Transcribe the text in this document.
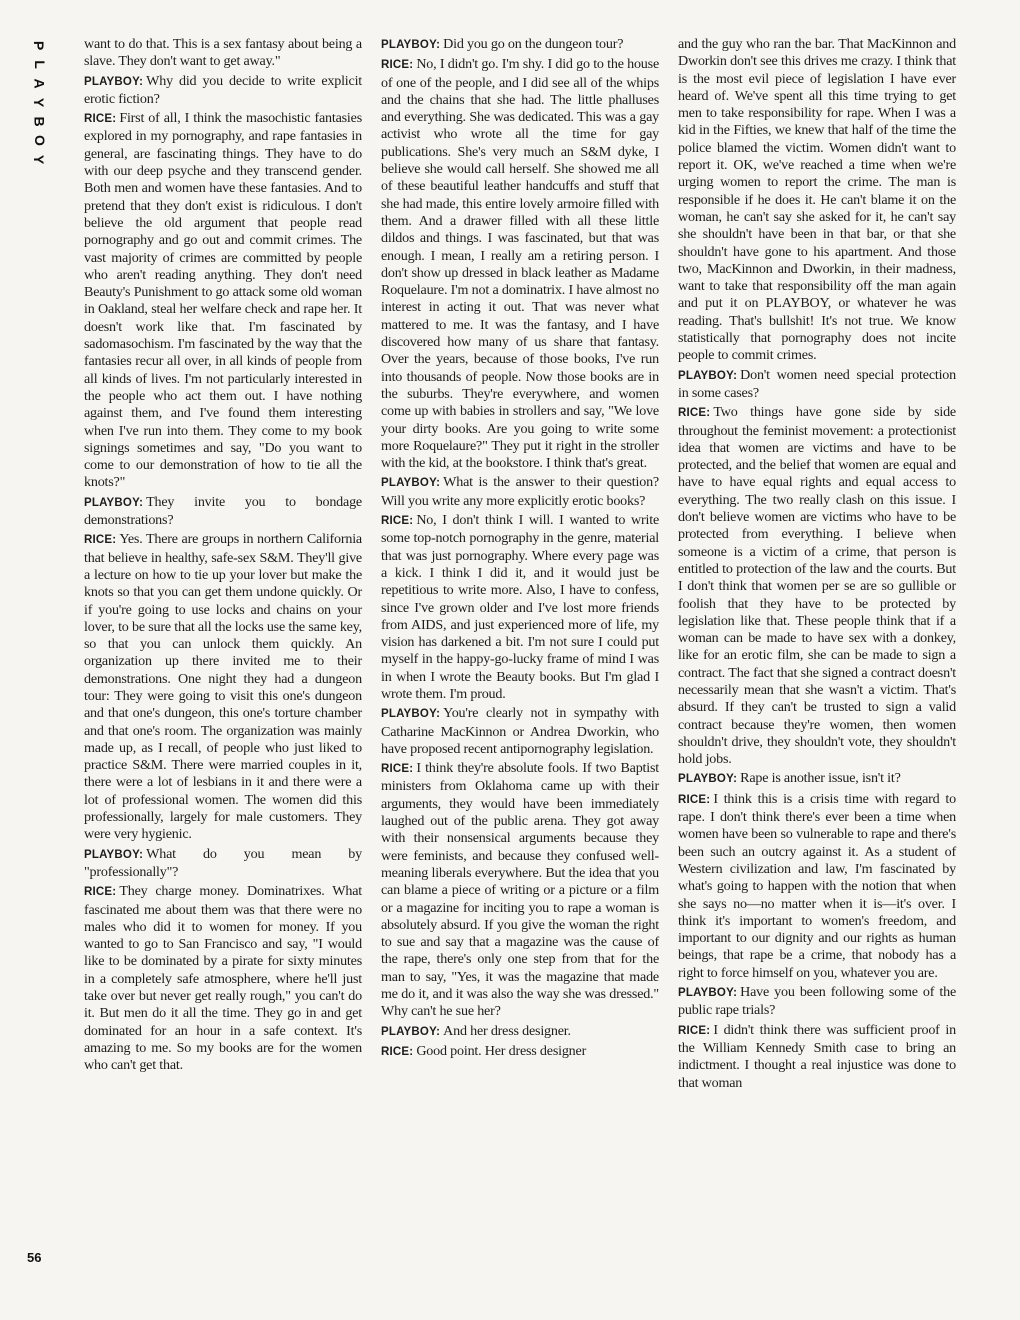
P
L
A
Y
B
O
Y
56

want to do that. This is a sex fantasy about being a slave. They don't want to get away."

PLAYBOY: Why did you decide to write explicit erotic fiction?

RICE: First of all, I think the masochistic fantasies explored in my pornography, and rape fantasies in general, are fascinating things. They have to do with our deep psyche and they transcend gender. Both men and women have these fantasies. And to pretend that they don't exist is ridiculous. I don't believe the old argument that people read pornography and go out and commit crimes. The vast majority of crimes are committed by people who aren't reading anything. They don't need Beauty's Punishment to go attack some old woman in Oakland, steal her welfare check and rape her. It doesn't work like that. I'm fascinated by sadomasochism. I'm fascinated by the way that the fantasies recur all over, in all kinds of people from all kinds of lives. I'm not particularly interested in the people who act them out. I have nothing against them, and I've found them interesting when I've run into them. They come to my book signings sometimes and say, "Do you want to come to our demonstration of how to tie all the knots?"

PLAYBOY: They invite you to bondage demonstrations?

RICE: Yes. There are groups in northern California that believe in healthy, safe-sex S&M. They'll give a lecture on how to tie up your lover but make the knots so that you can get them undone quickly. Or if you're going to use locks and chains on your lover, to be sure that all the locks use the same key, so that you can unlock them quickly. An organization up there invited me to their demonstrations. One night they had a dungeon tour: They were going to visit this one's dungeon and that one's dungeon, this one's torture chamber and that one's room. The organization was mainly made up, as I recall, of people who just liked to practice S&M. There were married couples in it, there were a lot of lesbians in it and there were a lot of professional women. The women did this professionally, largely for male customers. They were very hygienic.

PLAYBOY: What do you mean by "professionally"?

RICE: They charge money. Dominatrixes. What fascinated me about them was that there were no males who did it to women for money. If you wanted to go to San Francisco and say, "I would like to be dominated by a pirate for sixty minutes in a completely safe atmosphere, where he'll just take over but never get really rough," you can't do it. But men do it all the time. They go in and get dominated for an hour in a safe context. It's amazing to me. So my books are for the women who can't get that.

PLAYBOY: Did you go on the dungeon tour?

RICE: No, I didn't go. I'm shy. I did go to the house of one of the people, and I did see all of the whips and the chains that she had. The little phalluses and everything. She was dedicated. This was a gay activist who wrote all the time for gay publications. She's very much an S&M dyke, I believe she would call herself. She showed me all of these beautiful leather handcuffs and stuff that she had made, this entire lovely armoire filled with them. And a drawer filled with all these little dildos and things. I was fascinated, but that was enough. I mean, I really am a retiring person. I don't show up dressed in black leather as Madame Roquelaure. I'm not a dominatrix. I have almost no interest in acting it out. That was never what mattered to me. It was the fantasy, and I have discovered how many of us share that fantasy. Over the years, because of those books, I've run into thousands of people. Now those books are in the suburbs. They're everywhere, and women come up with babies in strollers and say, "We love your dirty books. Are you going to write some more Roquelaure?" They put it right in the stroller with the kid, at the bookstore. I think that's great.

PLAYBOY: What is the answer to their question? Will you write any more explicitly erotic books?

RICE: No, I don't think I will. I wanted to write some top-notch pornography in the genre, material that was just pornography. Where every page was a kick. I think I did it, and it would just be repetitious to write more. Also, I have to confess, since I've grown older and I've lost more friends from AIDS, and just experienced more of life, my vision has darkened a bit. I'm not sure I could put myself in the happy-go-lucky frame of mind I was in when I wrote the Beauty books. But I'm glad I wrote them. I'm proud.

PLAYBOY: You're clearly not in sympathy with Catharine MacKinnon or Andrea Dworkin, who have proposed recent antipornography legislation.

RICE: I think they're absolute fools. If two Baptist ministers from Oklahoma came up with their arguments, they would have been immediately laughed out of the public arena. They got away with their nonsensical arguments because they were feminists, and because they confused well-meaning liberals everywhere. But the idea that you can blame a piece of writing or a picture or a film or a magazine for inciting you to rape a woman is absolutely absurd. If you give the woman the right to sue and say that a magazine was the cause of the rape, there's only one step from that for the man to say, "Yes, it was the magazine that made me do it, and it was also the way she was dressed." Why can't he sue her?

PLAYBOY: And her dress designer.

RICE: Good point. Her dress designer

and the guy who ran the bar. That MacKinnon and Dworkin don't see this drives me crazy. I think that is the most evil piece of legislation I have ever heard of. We've spent all this time trying to get men to take responsibility for rape. When I was a kid in the Fifties, we knew that half of the time the police blamed the victim. Women didn't want to report it. OK, we've reached a time when we're urging women to report the crime. The man is responsible if he does it. He can't blame it on the woman, he can't say she asked for it, he can't say she shouldn't have been in that bar, or that she shouldn't have gone to his apartment. And those two, MacKinnon and Dworkin, in their madness, want to take that responsibility off the man again and put it on PLAYBOY, or whatever he was reading. That's bullshit! It's not true. We know statistically that pornography does not incite people to commit crimes.

PLAYBOY: Don't women need special protection in some cases?

RICE: Two things have gone side by side throughout the feminist movement: a protectionist idea that women are victims and have to be protected, and the belief that women are equal and have to have equal rights and equal access to everything. The two really clash on this issue. I don't believe women are victims who have to be protected from everything. I believe when someone is a victim of a crime, that person is entitled to protection of the law and the courts. But I don't think that women per se are so gullible or foolish that they have to be protected by legislation like that. These people think that if a woman can be made to have sex with a donkey, like for an erotic film, she can be made to sign a contract. The fact that she signed a contract doesn't necessarily mean that she wasn't a victim. That's absurd. If they can't be trusted to sign a valid contract because they're women, then women shouldn't drive, they shouldn't vote, they shouldn't hold jobs.

PLAYBOY: Rape is another issue, isn't it?

RICE: I think this is a crisis time with regard to rape. I don't think there's ever been a time when women have been so vulnerable to rape and there's been such an outcry against it. As a student of Western civilization and law, I'm fascinated by what's going to happen with the notion that when she says no—no matter when it is—it's over. I think it's important to women's freedom, and important to our dignity and our rights as human beings, that rape be a crime, that nobody has a right to force himself on you, whatever you are.

PLAYBOY: Have you been following some of the public rape trials?

RICE: I didn't think there was sufficient proof in the William Kennedy Smith case to bring an indictment. I thought a real injustice was done to that woman
